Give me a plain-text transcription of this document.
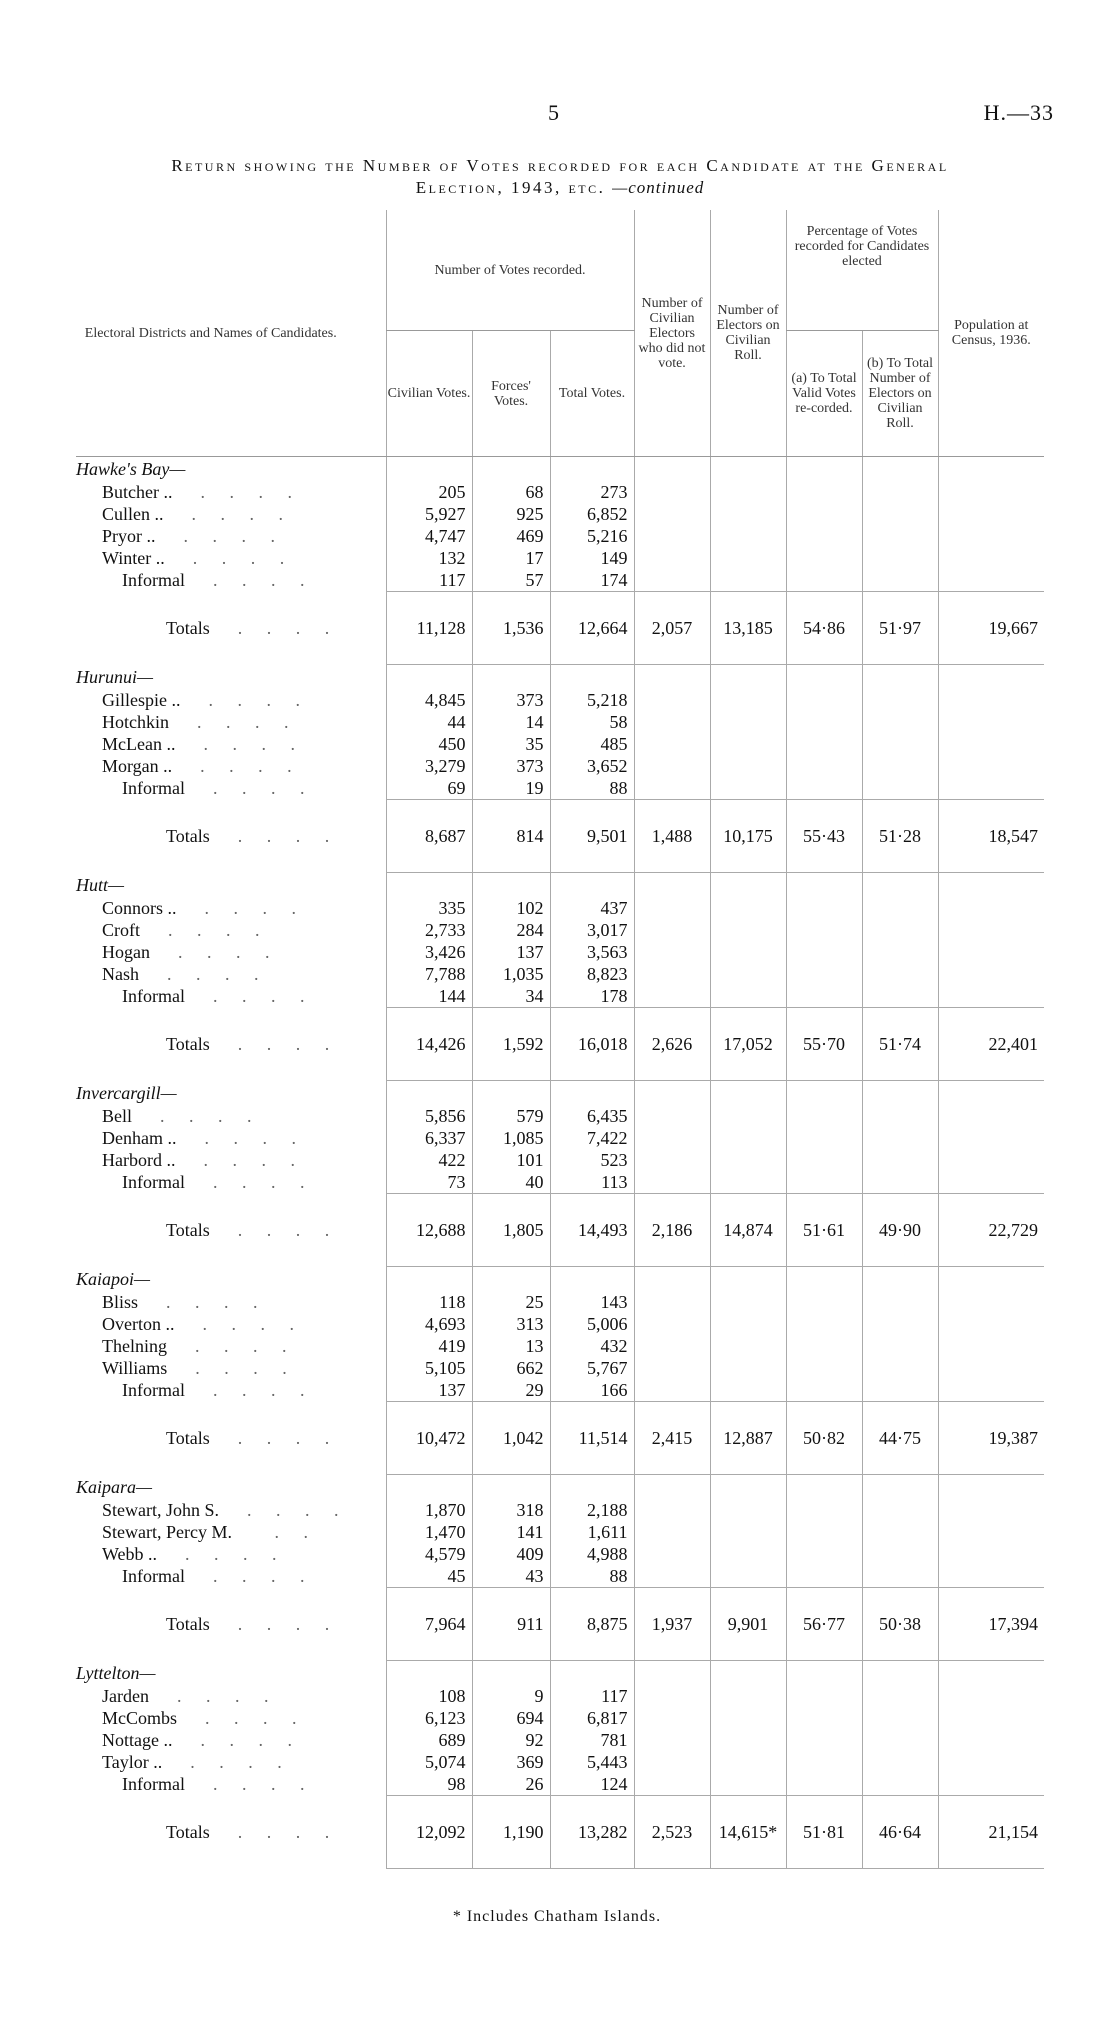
5	H.—33
Return showing the Number of Votes recorded for each Candidate at the General
Election, 1943, etc. —continued
Electoral Districts and Names of Candidates.	Number of Votes recorded.			Number of Civilian Electors who did not vote.	Number of Electors on Civilian Roll.	Percentage of Votes recorded for Candidates elected		Population at Census, 1936.
	Civilian Votes.	Forces' Votes.	Total Votes.			(a) To Total Valid Votes re-corded.	(b) To Total Number of Electors on Civilian Roll.	
Hawke's Bay—								
Butcher .. . . . .	205	68	273					
Cullen .. . . . .	5,927	925	6,852					
Pryor .. . . . .	4,747	469	5,216					
Winter .. . . . .	132	17	149					
Informal . . . .	117	57	174					
Totals . . . .	11,128	1,536	12,664	2,057	13,185	54·86	51·97	19,667
Hurunui—								
Gillespie .. . . . .	4,845	373	5,218					
Hotchkin . . . .	44	14	58					
McLean .. . . . .	450	35	485					
Morgan .. . . . .	3,279	373	3,652					
Informal . . . .	69	19	88					
Totals . . . .	8,687	814	9,501	1,488	10,175	55·43	51·28	18,547
Hutt—								
Connors .. . . . .	335	102	437					
Croft . . . .	2,733	284	3,017					
Hogan . . . .	3,426	137	3,563					
Nash . . . .	7,788	1,035	8,823					
Informal . . . .	144	34	178					
Totals . . . .	14,426	1,592	16,018	2,626	17,052	55·70	51·74	22,401
Invercargill—								
Bell . . . .	5,856	579	6,435					
Denham .. . . . .	6,337	1,085	7,422					
Harbord .. . . . .	422	101	523					
Informal . . . .	73	40	113					
Totals . . . .	12,688	1,805	14,493	2,186	14,874	51·61	49·90	22,729
Kaiapoi—								
Bliss . . . .	118	25	143					
Overton .. . . . .	4,693	313	5,006					
Thelning . . . .	419	13	432					
Williams . . . .	5,105	662	5,767					
Informal . . . .	137	29	166					
Totals . . . .	10,472	1,042	11,514	2,415	12,887	50·82	44·75	19,387
Kaipara—								
Stewart, John S. . . . .	1,870	318	2,188					
Stewart, Percy M. . .	1,470	141	1,611					
Webb .. . . . .	4,579	409	4,988					
Informal . . . .	45	43	88					
Totals . . . .	7,964	911	8,875	1,937	9,901	56·77	50·38	17,394
Lyttelton—								
Jarden . . . .	108	9	117					
McCombs . . . .	6,123	694	6,817					
Nottage .. . . . .	689	92	781					
Taylor .. . . . .	5,074	369	5,443					
Informal . . . .	98	26	124					
Totals . . . .	12,092	1,190	13,282	2,523	14,615*	51·81	46·64	21,154
* Includes Chatham Islands.
